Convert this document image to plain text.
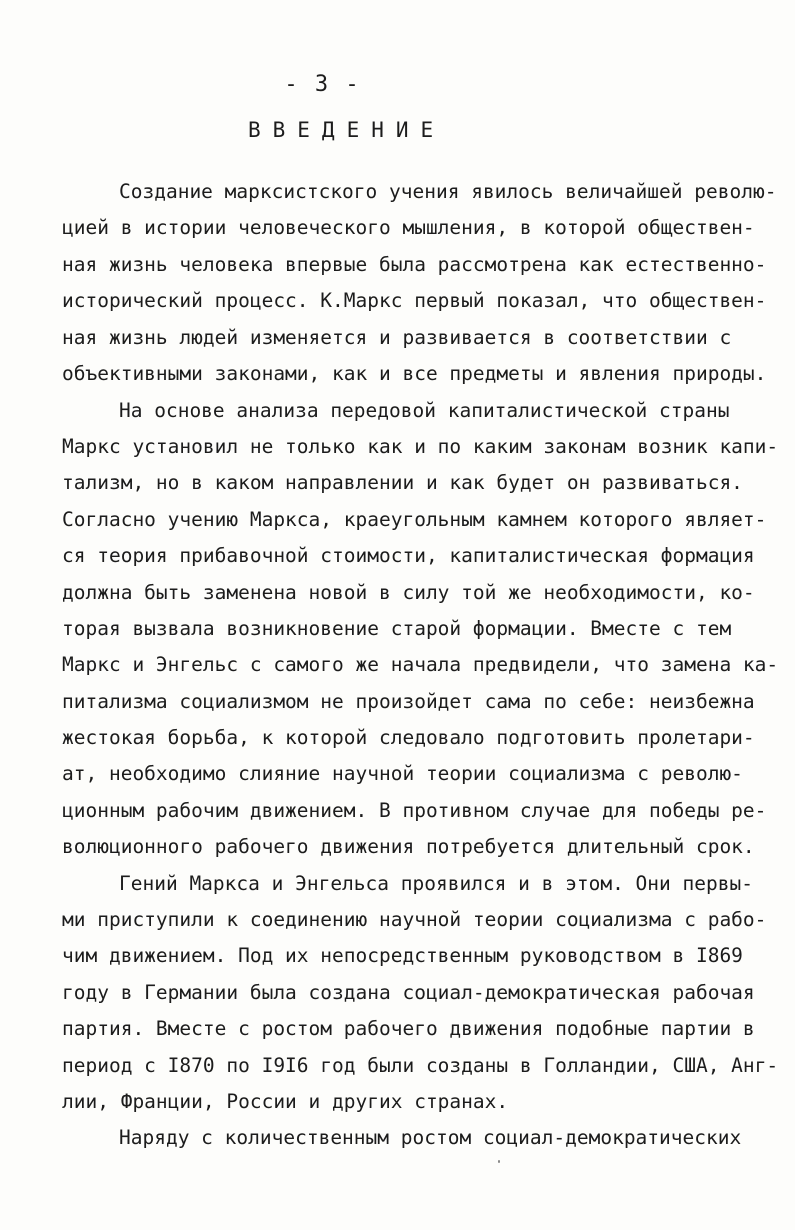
- 3 -
ВВЕДЕНИЕ
Создание марксистского учения явилось величайшей револю-
цией в истории человеческого мышления, в которой обществен-
ная жизнь человека впервые была рассмотрена как естественно-
исторический процесс. К.Маркс первый показал, что обществен-
ная жизнь людей изменяется и развивается в соответствии с
объективными законами, как и все предметы и явления природы.
На основе анализа передовой капиталистической страны
Маркс установил не только как и по каким законам возник капи-
тализм, но в каком направлении и как будет он развиваться.
Согласно учению Маркса, краеугольным камнем которого являет-
ся теория прибавочной стоимости, капиталистическая формация
должна быть заменена новой в силу той же необходимости, ко-
торая вызвала возникновение старой формации. Вместе с тем
Маркс и Энгельс с самого же начала предвидели, что замена ка-
питализма социализмом не произойдет сама по себе: неизбежна
жестокая борьба, к которой следовало подготовить пролетари-
ат, необходимо слияние научной теории социализма с револю-
ционным рабочим движением. В противном случае для победы ре-
волюционного рабочего движения потребуется длительный срок.
Гений Маркса и Энгельса проявился и в этом. Они первы-
ми приступили к соединению научной теории социализма с рабо-
чим движением. Под их непосредственным руководством в I869
году в Германии была создана социал-демократическая рабочая
партия. Вместе с ростом рабочего движения подобные партии в
период с I870 по I9I6 год были созданы в Голландии, США, Анг-
лии, Франции, России и других странах.
Наряду с количественным ростом социал-демократических
